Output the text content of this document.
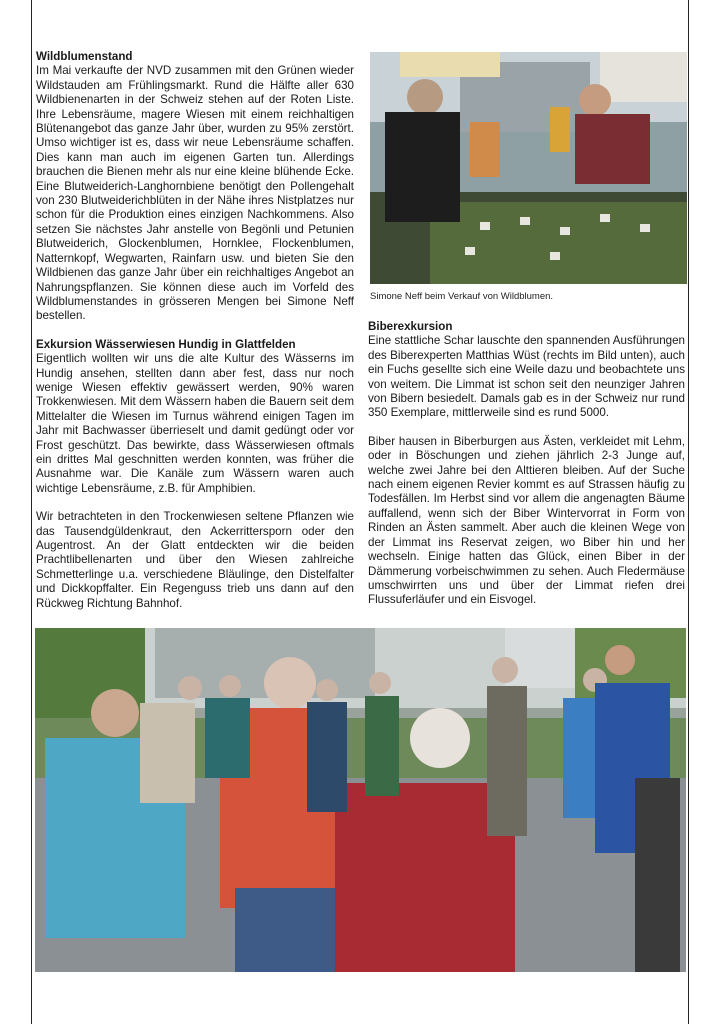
Wildblumenstand

Im Mai verkaufte der NVD zusammen mit den Grünen wieder Wildstauden am Frühlingsmarkt. Rund die Hälfte aller 630 Wildbienenarten in der Schweiz stehen auf der Roten Liste. Ihre Lebensräume, magere Wiesen mit einem reichhaltigen Blütenangebot das ganze Jahr über, wurden zu 95% zerstört. Umso wichtiger ist es, dass wir neue Lebensräume schaffen. Dies kann man auch im eigenen Garten tun. Allerdings brauchen die Bienen mehr als nur eine kleine blühende Ecke. Eine Blutweiderich-Langhornbiene benötigt den Pollengehalt von 230 Blutweiderichblüten in der Nähe ihres Nistplatzes nur schon für die Produktion eines einzigen Nachkommens. Also setzen Sie nächstes Jahr anstelle von Begönli und Petunien Blutweiderich, Glockenblumen, Hornklee, Flockenblumen, Natternkopf, Wegwarten, Rainfarn usw. und bieten Sie den Wildbienen das ganze Jahr über ein reichhaltiges Angebot an Nahrungspflanzen. Sie können diese auch im Vorfeld des Wildblumenstandes in grösseren Mengen bei Simone Neff bestellen.

Exkursion Wässerwiesen Hundig in Glattfelden

Eigentlich wollten wir uns die alte Kultur des Wässerns im Hundig ansehen, stellten dann aber fest, dass nur noch wenige Wiesen effektiv gewässert werden, 90% waren Trokkenwiesen. Mit dem Wässern haben die Bauern seit dem Mittelalter die Wiesen im Turnus während einigen Tagen im Jahr mit Bachwasser überrieselt und damit gedüngt oder vor Frost geschützt. Das bewirkte, dass Wässerwiesen oftmals ein drittes Mal geschnitten werden konnten, was früher die Ausnahme war. Die Kanäle zum Wässern waren auch wichtige Lebensräume, z.B. für Amphibien.

Wir betrachteten in den Trockenwiesen seltene Pflanzen wie das Tausendgüldenkraut, den Ackerrittersporn oder den Augentrost. An der Glatt entdeckten wir die beiden Prachtlibellenarten und über den Wiesen zahlreiche Schmetterlinge u.a. verschiedene Bläulinge, den Distelfalter und Dickkopffalter. Ein Regenguss trieb uns dann auf den Rückweg Richtung Bahnhof.

Simone Neff beim Verkauf von Wildblumen.
Biberexkursion

Eine stattliche Schar lauschte den spannenden Ausführungen des Biberexperten Matthias Wüst (rechts im Bild unten), auch ein Fuchs gesellte sich eine Weile dazu und beobachtete uns von weitem. Die Limmat ist schon seit den neunziger Jahren von Bibern besiedelt. Damals gab es in der Schweiz nur rund 350 Exemplare, mittlerweile sind es rund 5000.

Biber hausen in Biberburgen aus Ästen, verkleidet mit Lehm, oder in Böschungen und ziehen jährlich 2-3 Junge auf, welche zwei Jahre bei den Alttieren bleiben. Auf der Suche nach einem eigenen Revier kommt es auf Strassen häufig zu Todesfällen. Im Herbst sind vor allem die angenagten Bäume auffallend, wenn sich der Biber Wintervorrat in Form von Rinden an Ästen sammelt. Aber auch die kleinen Wege von der Limmat ins Reservat zeigen, wo Biber hin und her wechseln. Einige hatten das Glück, einen Biber in der Dämmerung vorbeischwimmen zu sehen. Auch Fledermäuse umschwirrten uns und über der Limmat riefen drei Flussuferläufer und ein Eisvogel.
